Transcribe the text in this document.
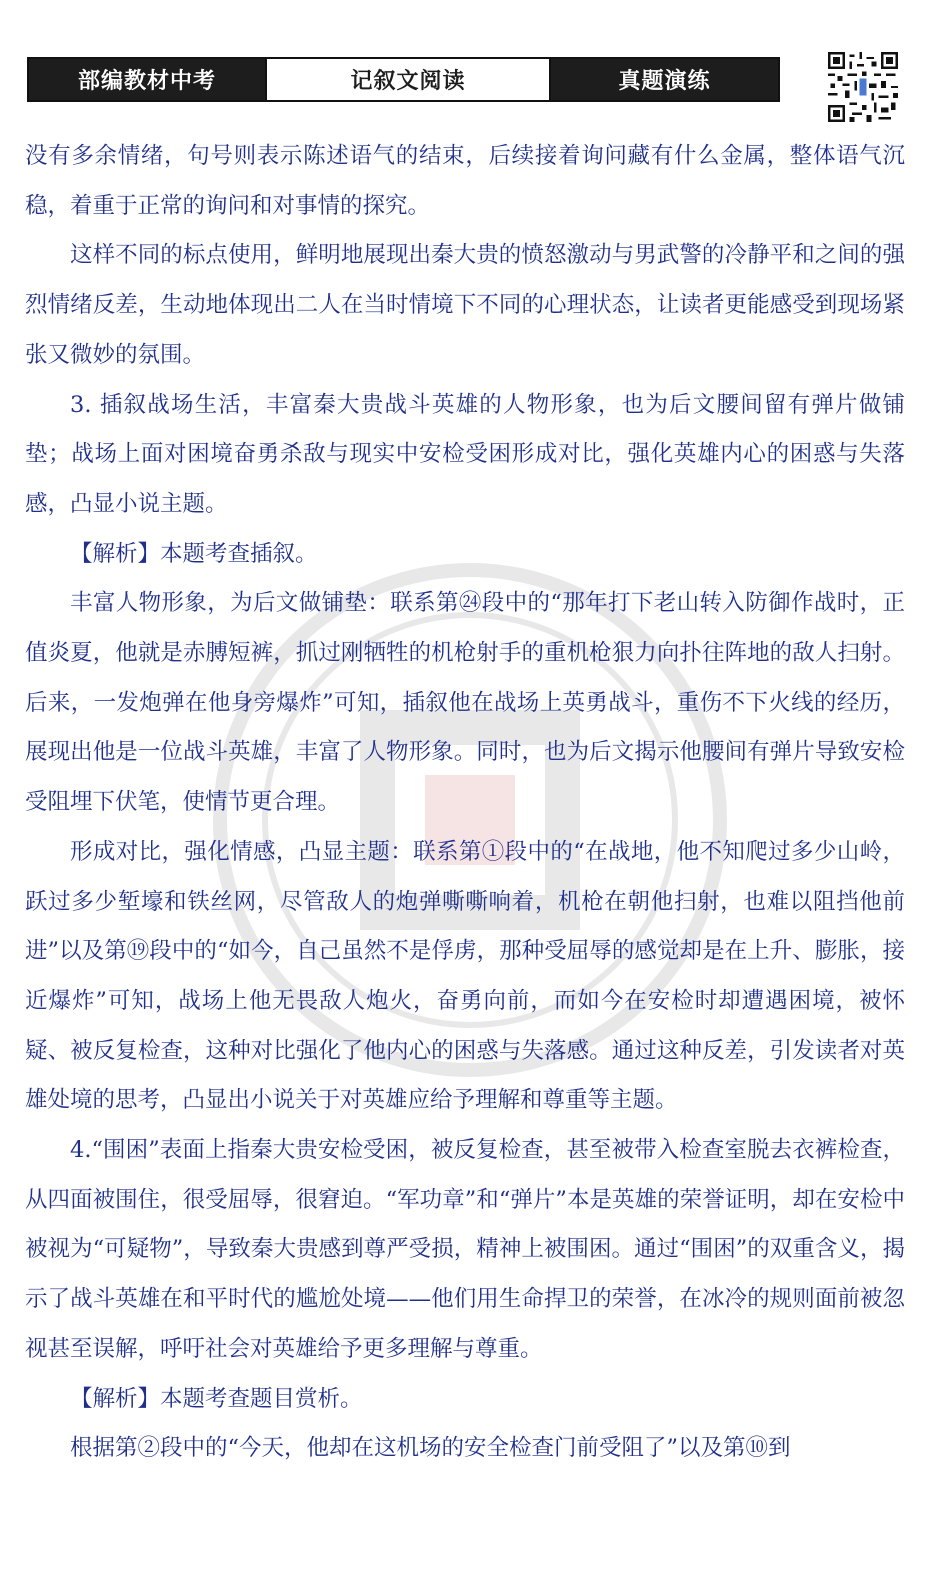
部编教材中考	记叙文阅读	真题演练

没有多余情绪，句号则表示陈述语气的结束，后续接着询问藏有什么金属，整体语气沉稳，着重于正常的询问和对事情的探究。

这样不同的标点使用，鲜明地展现出秦大贵的愤怒激动与男武警的冷静平和之间的强烈情绪反差，生动地体现出二人在当时情境下不同的心理状态，让读者更能感受到现场紧张又微妙的氛围。

3. 插叙战场生活，丰富秦大贵战斗英雄的人物形象，也为后文腰间留有弹片做铺垫；战场上面对困境奋勇杀敌与现实中安检受困形成对比，强化英雄内心的困惑与失落感，凸显小说主题。

【解析】本题考查插叙。

丰富人物形象，为后文做铺垫：联系第㉔段中的“那年打下老山转入防御作战时，正值炎夏，他就是赤膊短裤，抓过刚牺牲的机枪射手的重机枪狠力向扑往阵地的敌人扫射。后来，一发炮弹在他身旁爆炸”可知，插叙他在战场上英勇战斗，重伤不下火线的经历，展现出他是一位战斗英雄，丰富了人物形象。同时，也为后文揭示他腰间有弹片导致安检受阻埋下伏笔，使情节更合理。

形成对比，强化情感，凸显主题：联系第①段中的“在战地，他不知爬过多少山岭，跃过多少堑壕和铁丝网，尽管敌人的炮弹嘶嘶响着，机枪在朝他扫射，也难以阻挡他前进”以及第⑲段中的“如今，自己虽然不是俘虏，那种受屈辱的感觉却是在上升、膨胀，接近爆炸”可知，战场上他无畏敌人炮火，奋勇向前，而如今在安检时却遭遇困境，被怀疑、被反复检查，这种对比强化了他内心的困惑与失落感。通过这种反差，引发读者对英雄处境的思考，凸显出小说关于对英雄应给予理解和尊重等主题。

4.“围困”表面上指秦大贵安检受困，被反复检查，甚至被带入检查室脱去衣裤检查，从四面被围住，很受屈辱，很窘迫。“军功章”和“弹片”本是英雄的荣誉证明，却在安检中被视为“可疑物”，导致秦大贵感到尊严受损，精神上被围困。通过“围困”的双重含义，揭示了战斗英雄在和平时代的尴尬处境——他们用生命捍卫的荣誉，在冰冷的规则面前被忽视甚至误解，呼吁社会对英雄给予更多理解与尊重。

【解析】本题考查题目赏析。

根据第②段中的“今天，他却在这机场的安全检查门前受阻了”以及第⑩到
